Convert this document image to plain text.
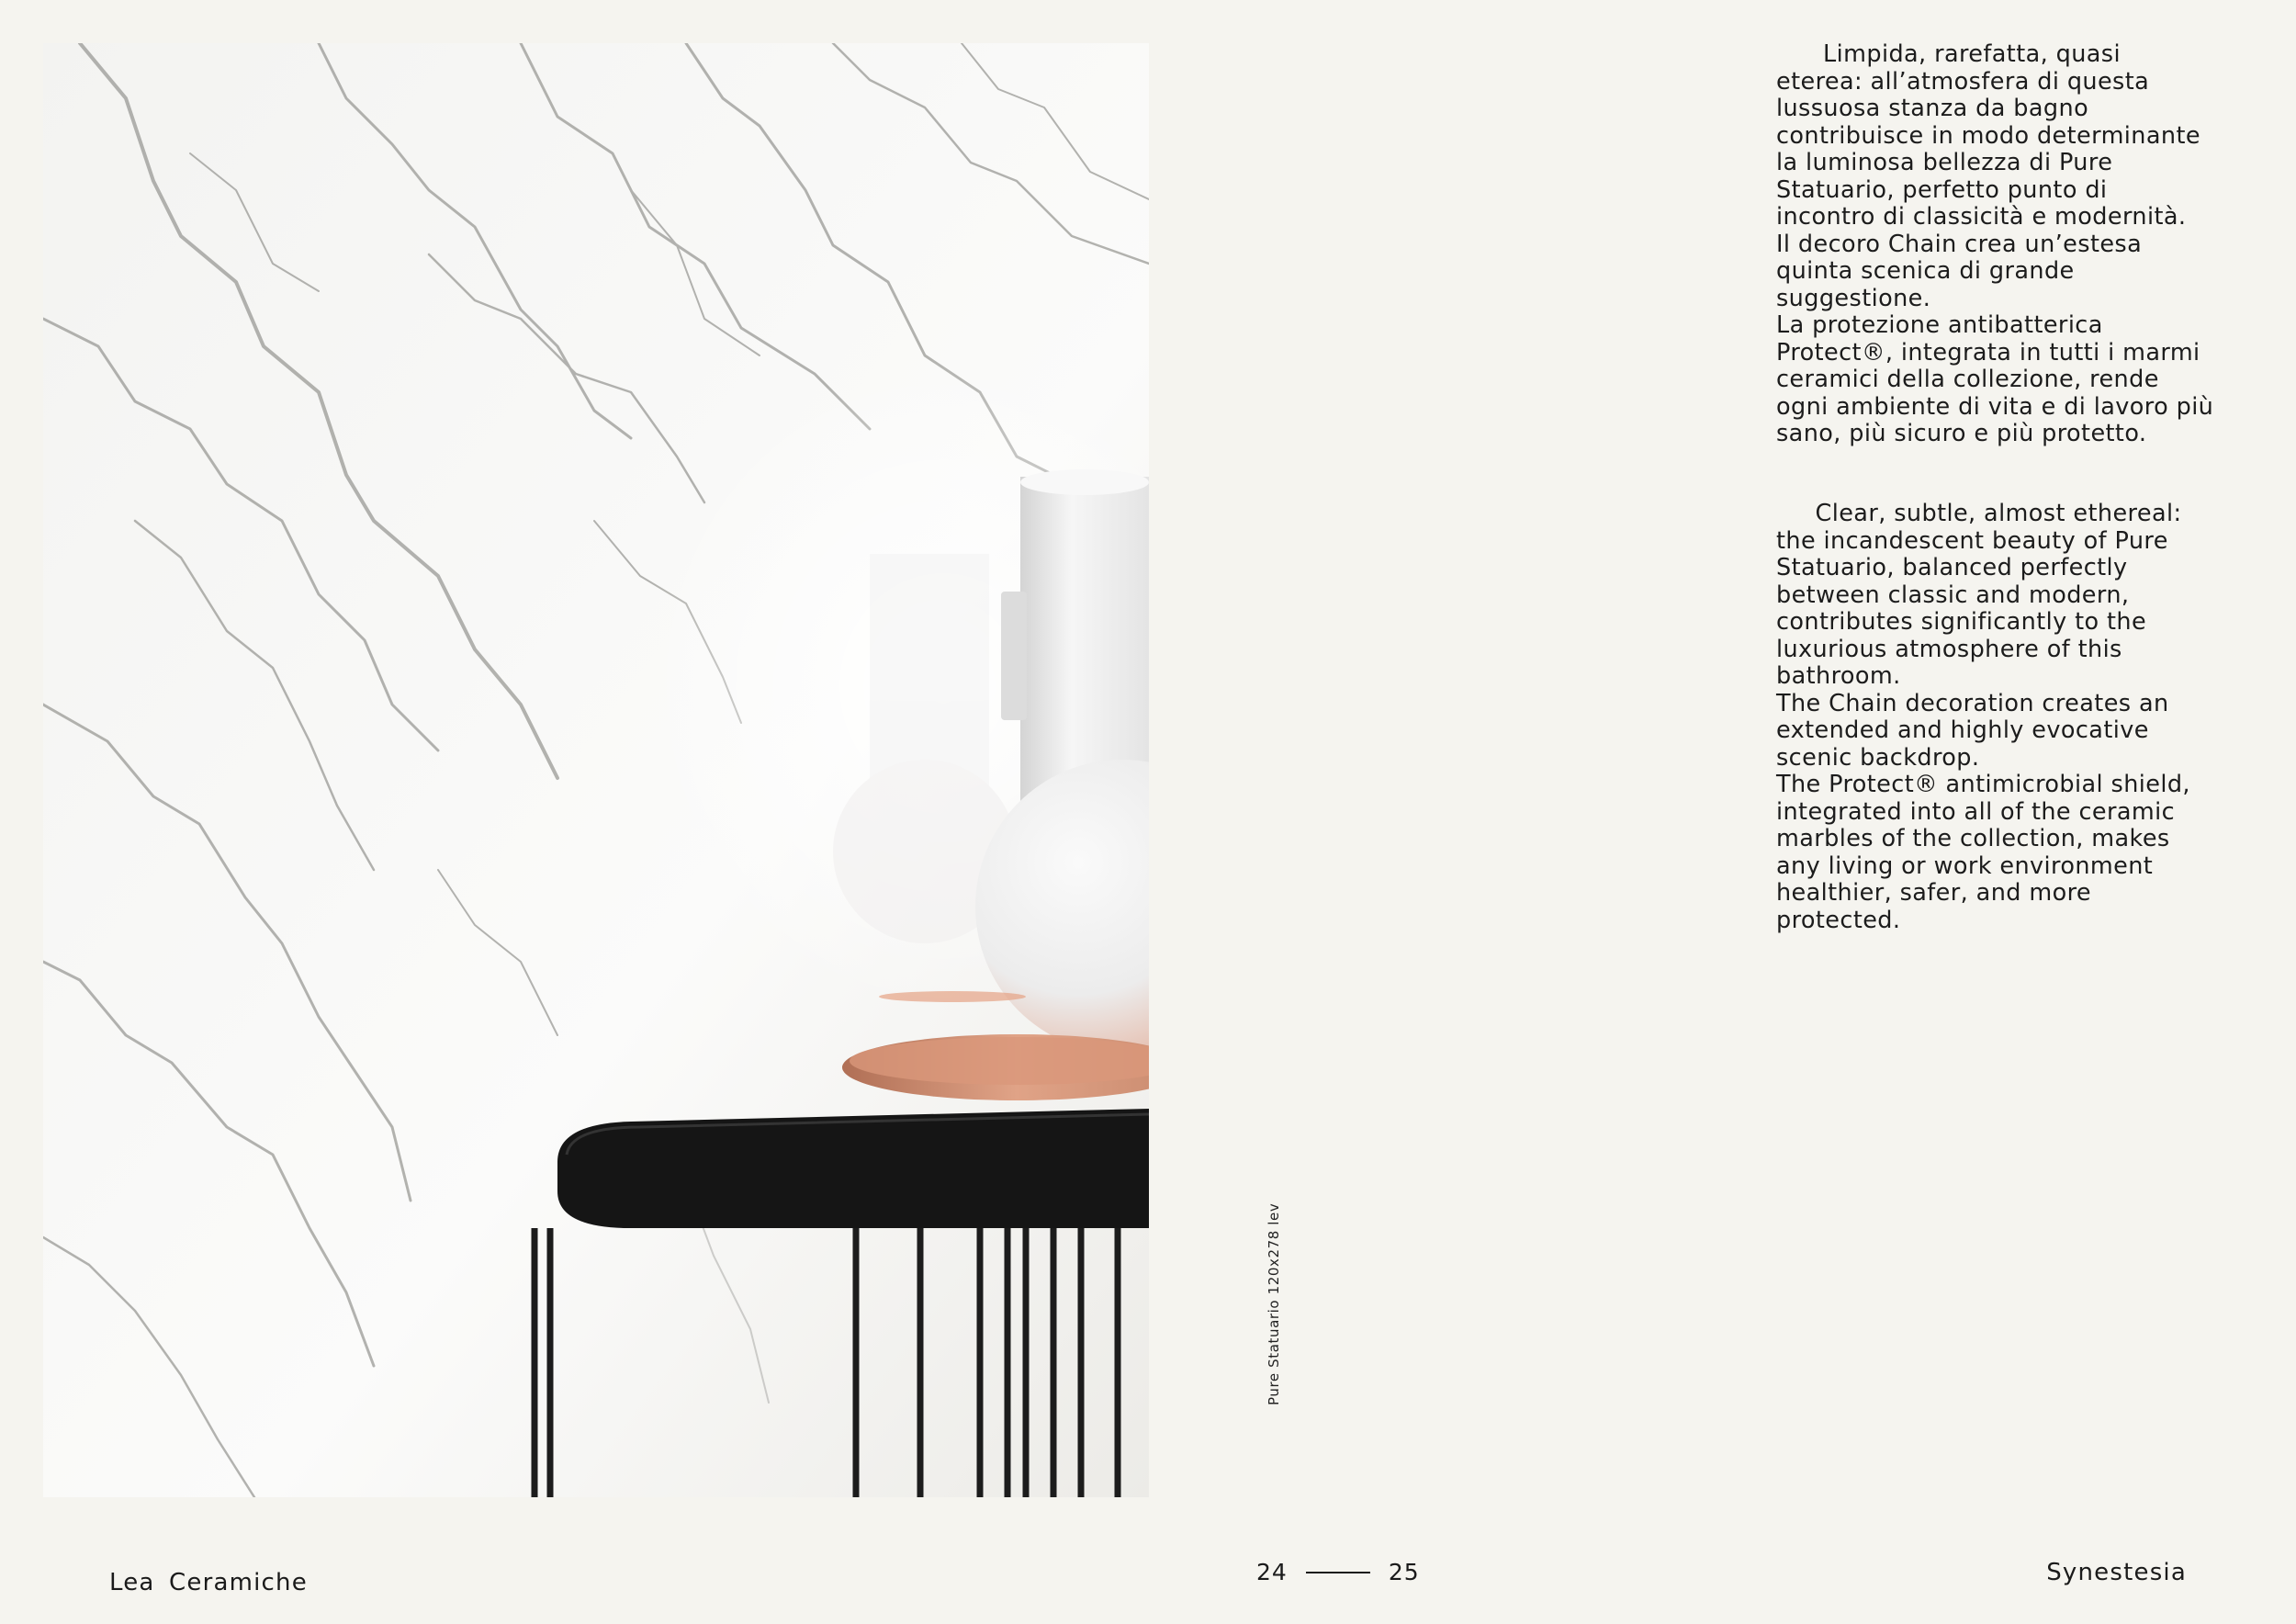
Limpida, rarefatta, quasi
eterea: all’atmosfera di questa
lussuosa stanza da bagno
contribuisce in modo determinante
la luminosa bellezza di Pure
Statuario, perfetto punto di
incontro di classicità e modernità.
Il decoro Chain crea un’estesa
quinta scenica di grande
suggestione.
La protezione antibatterica
Protect®, integrata in tutti i marmi
ceramici della collezione, rende
ogni ambiente di vita e di lavoro più
sano, più sicuro e più protetto.
Clear, subtle, almost ethereal:
the incandescent beauty of Pure
Statuario, balanced perfectly
between classic and modern,
contributes significantly to the
luxurious atmosphere of this
bathroom.
The Chain decoration creates an
extended and highly evocative
scenic backdrop.
The Protect® antimicrobial shield,
integrated into all of the ceramic
marbles of the collection, makes
any living or work environment
healthier, safer, and more
protected.
Pure Statuario 120x278 lev
Lea Ceramiche	24	25	Synestesia
